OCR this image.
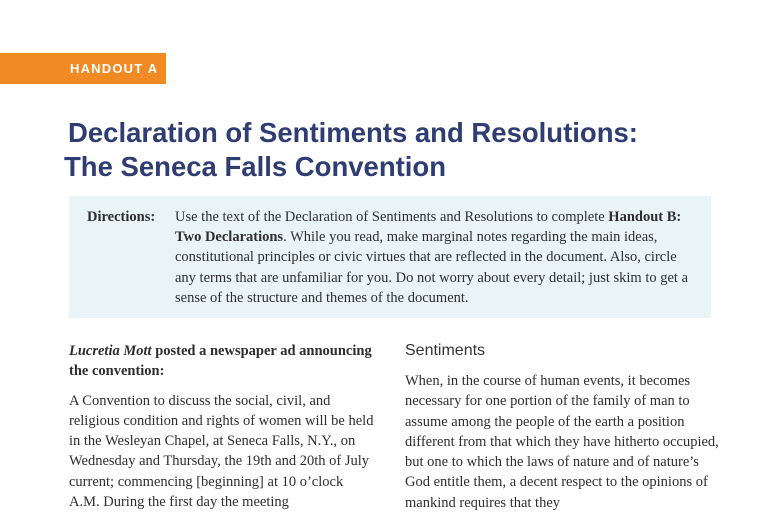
HANDOUT A
Declaration of Sentiments and Resolutions:
The Seneca Falls Convention
Directions:	Use the text of the Declaration of Sentiments and Resolutions to complete Handout B: Two Declarations. While you read, make marginal notes regarding the main ideas, constitutional principles or civic virtues that are reflected in the document. Also, circle any terms that are unfamiliar for you. Do not worry about every detail; just skim to get a sense of the structure and themes of the document.

Lucretia Mott posted a newspaper ad announcing the convention:

A Convention to discuss the social, civil, and religious condition and rights of women will be held in the Wesleyan Chapel, at Seneca Falls, N.Y., on Wednesday and Thursday, the 19th and 20th of July current; commencing [beginning] at 10 o’clock A.M. During the first day the meeting

Sentiments

When, in the course of human events, it becomes necessary for one portion of the family of man to assume among the people of the earth a position different from that which they have hitherto occupied, but one to which the laws of nature and of nature’s God entitle them, a decent respect to the opinions of mankind requires that they
